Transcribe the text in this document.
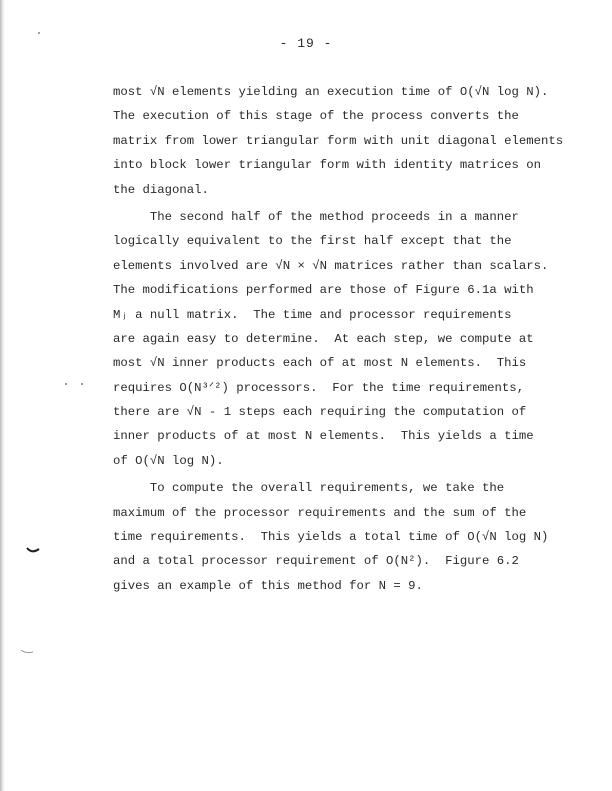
- 19 -
most √N elements yielding an execution time of O(√N log N).
The execution of this stage of the process converts the
matrix from lower triangular form with unit diagonal elements
into block lower triangular form with identity matrices on
the diagonal.
The second half of the method proceeds in a manner
logically equivalent to the first half except that the
elements involved are √N × √N matrices rather than scalars.
The modifications performed are those of Figure 6.1a with
Mⱼ a null matrix.  The time and processor requirements
are again easy to determine.  At each step, we compute at
most √N inner products each of at most N elements.  This
requires O(N³ᐟ²) processors.  For the time requirements,
there are √N - 1 steps each requiring the computation of
inner products of at most N elements.  This yields a time
of O(√N log N).
To compute the overall requirements, we take the
maximum of the processor requirements and the sum of the
time requirements.  This yields a total time of O(√N log N)
and a total processor requirement of O(N²).  Figure 6.2
gives an example of this method for N = 9.
